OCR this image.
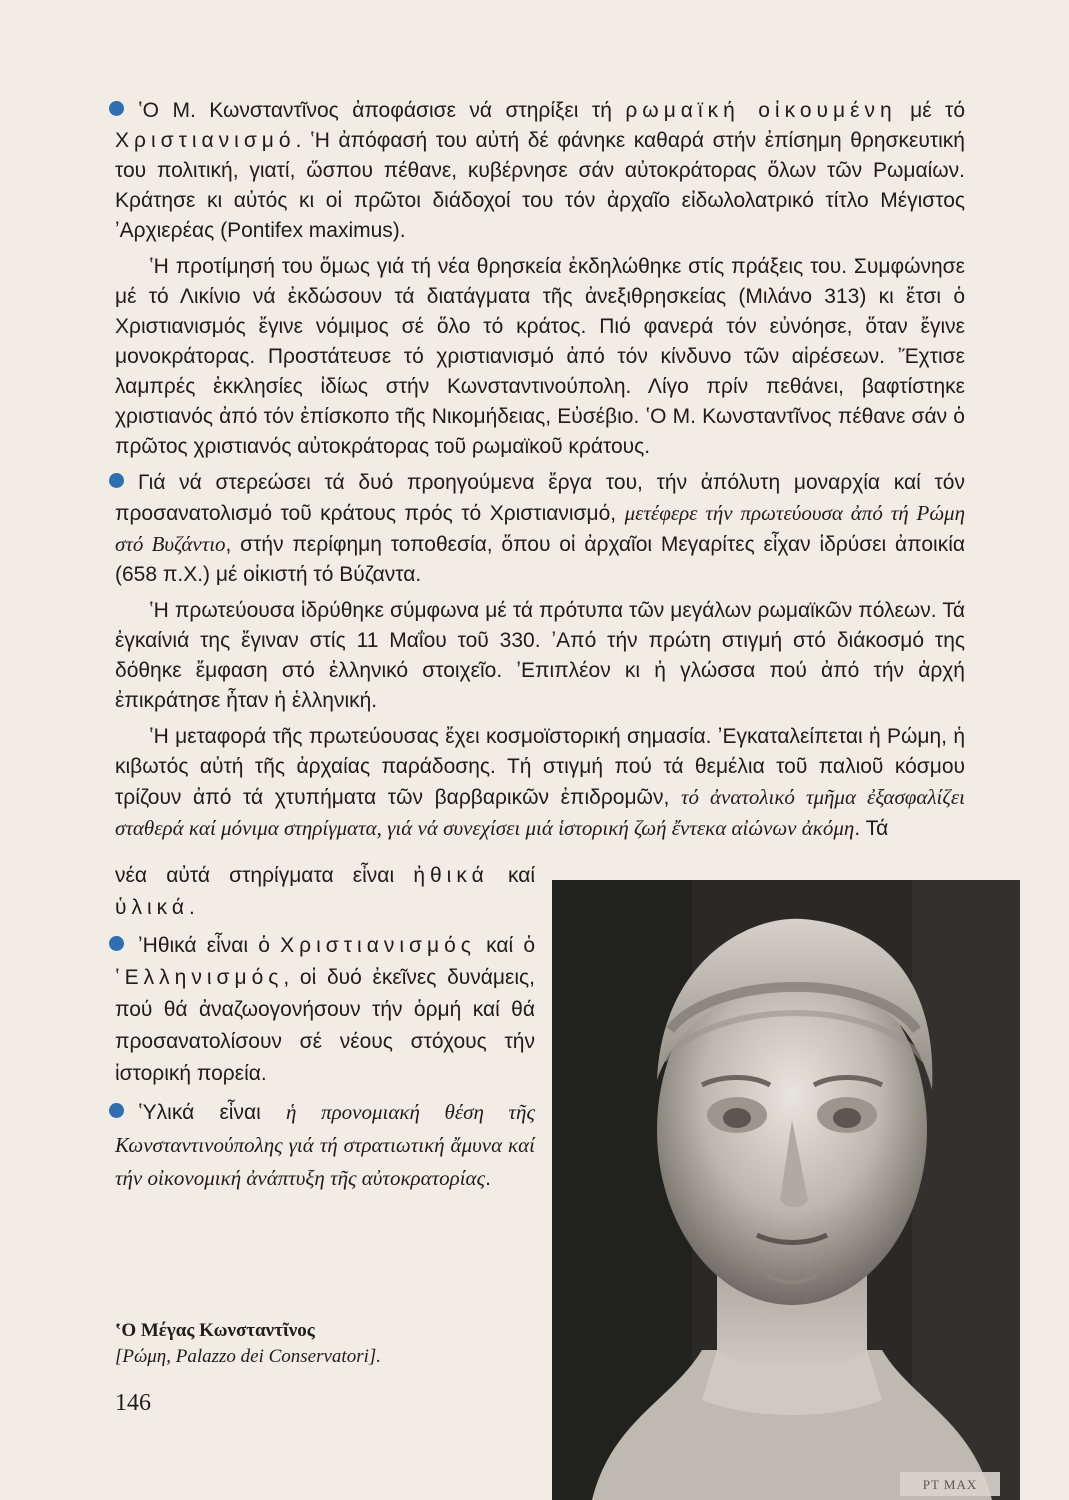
ʽΟ Μ. Κωνσταντῖνος ἀποφάσισε νά στηρίξει τή ρωμαϊκή οἰκουμένη μέ τό Χριστιανισμό. ʽΗ ἀπόφασή του αὐτή δέ φάνηκε καθαρά στήν ἐπίσημη θρησκευτική του πολιτική, γιατί, ὥσπου πέθανε, κυβέρνησε σάν αὐτοκράτορας ὅλων τῶν Ρωμαίων. Κράτησε κι αὐτός κι οἱ πρῶτοι διάδοχοί του τόν ἀρχαῖο εἰδωλολατρικό τίτλο Μέγιστος ʼΑρχιερέας (Pontifex maximus).

ʽΗ προτίμησή του ὅμως γιά τή νέα θρησκεία ἐκδηλώθηκε στίς πράξεις του. Συμφώνησε μέ τό Λικίνιο νά ἐκδώσουν τά διατάγματα τῆς ἀνεξιθρησκείας (Μιλάνο 313) κι ἔτσι ὁ Χριστιανισμός ἔγινε νόμιμος σέ ὅλο τό κράτος. Πιό φανερά τόν εὐνόησε, ὅταν ἔγινε μονοκράτορας. Προστάτευσε τό χριστιανισμό ἀπό τόν κίνδυνο τῶν αἱρέσεων. ʼΈχτισε λαμπρές ἐκκλησίες ἰδίως στήν Κωνσταντινούπολη. Λίγο πρίν πεθάνει, βαφτίστηκε χριστιανός ἀπό τόν ἐπίσκοπο τῆς Νικομήδειας, Εὐσέβιο. ʽΟ Μ. Κωνσταντῖνος πέθανε σάν ὁ πρῶτος χριστιανός αὐτοκράτορας τοῦ ρωμαϊκοῦ κράτους.

Γιά νά στερεώσει τά δυό προηγούμενα ἔργα του, τήν ἀπόλυτη μοναρχία καί τόν προσανατολισμό τοῦ κράτους πρός τό Χριστιανισμό, μετέφερε τήν πρωτεύουσα ἀπό τή Ρώμη στό Βυζάντιο, στήν περίφημη τοποθεσία, ὅπου οἱ ἀρχαῖοι Μεγαρίτες εἶχαν ἱδρύσει ἀποικία (658 π.Χ.) μέ οἰκιστή τό Βύζαντα.

ʽΗ πρωτεύουσα ἱδρύθηκε σύμφωνα μέ τά πρότυπα τῶν μεγάλων ρωμαϊκῶν πόλεων. Τά ἐγκαίνιά της ἔγιναν στίς 11 Μαΐου τοῦ 330. ʼΑπό τήν πρώτη στιγμή στό διάκοσμό της δόθηκε ἔμφαση στό ἑλληνικό στοιχεῖο. ʼΕπιπλέον κι ἡ γλώσσα πού ἀπό τήν ἀρχή ἐπικράτησε ἦταν ἡ ἑλληνική.

ʽΗ μεταφορά τῆς πρωτεύουσας ἔχει κοσμοϊστορική σημασία. ʼΕγκαταλείπεται ἡ Ρώμη, ἡ κιβωτός αὐτή τῆς ἀρχαίας παράδοσης. Τή στιγμή πού τά θεμέλια τοῦ παλιοῦ κόσμου τρίζουν ἀπό τά χτυπήματα τῶν βαρβαρικῶν ἐπιδρομῶν, τό ἀνατολικό τμῆμα ἐξασφαλίζει σταθερά καί μόνιμα στηρίγματα, γιά νά συνεχίσει μιά ἱστορική ζωή ἔντεκα αἰώνων ἀκόμη. Τά

νέα αὐτά στηρίγματα εἶναι ἠθικά καί ὑλικά.

ʼΗθικά εἶναι ὁ Χριστιανισμός καί ὁ ʽΕλληνισμός, οἱ δυό ἐκεῖνες δυνάμεις, πού θά ἀναζωογονήσουν τήν ὁρμή καί θά προσανατολίσουν σέ νέους στόχους τήν ἱστορική πορεία.

ʽΥλικά εἶναι ἡ προνομιακή θέση τῆς Κωνσταντινούπολης γιά τή στρατιωτική ἄμυνα καί τήν οἰκονομική ἀνάπτυξη τῆς αὐτοκρατορίας.

PT MAX
ʽΟ Μέγας Κωνσταντῖνος
[Ρώμη, Palazzo dei Conservatori].
146
